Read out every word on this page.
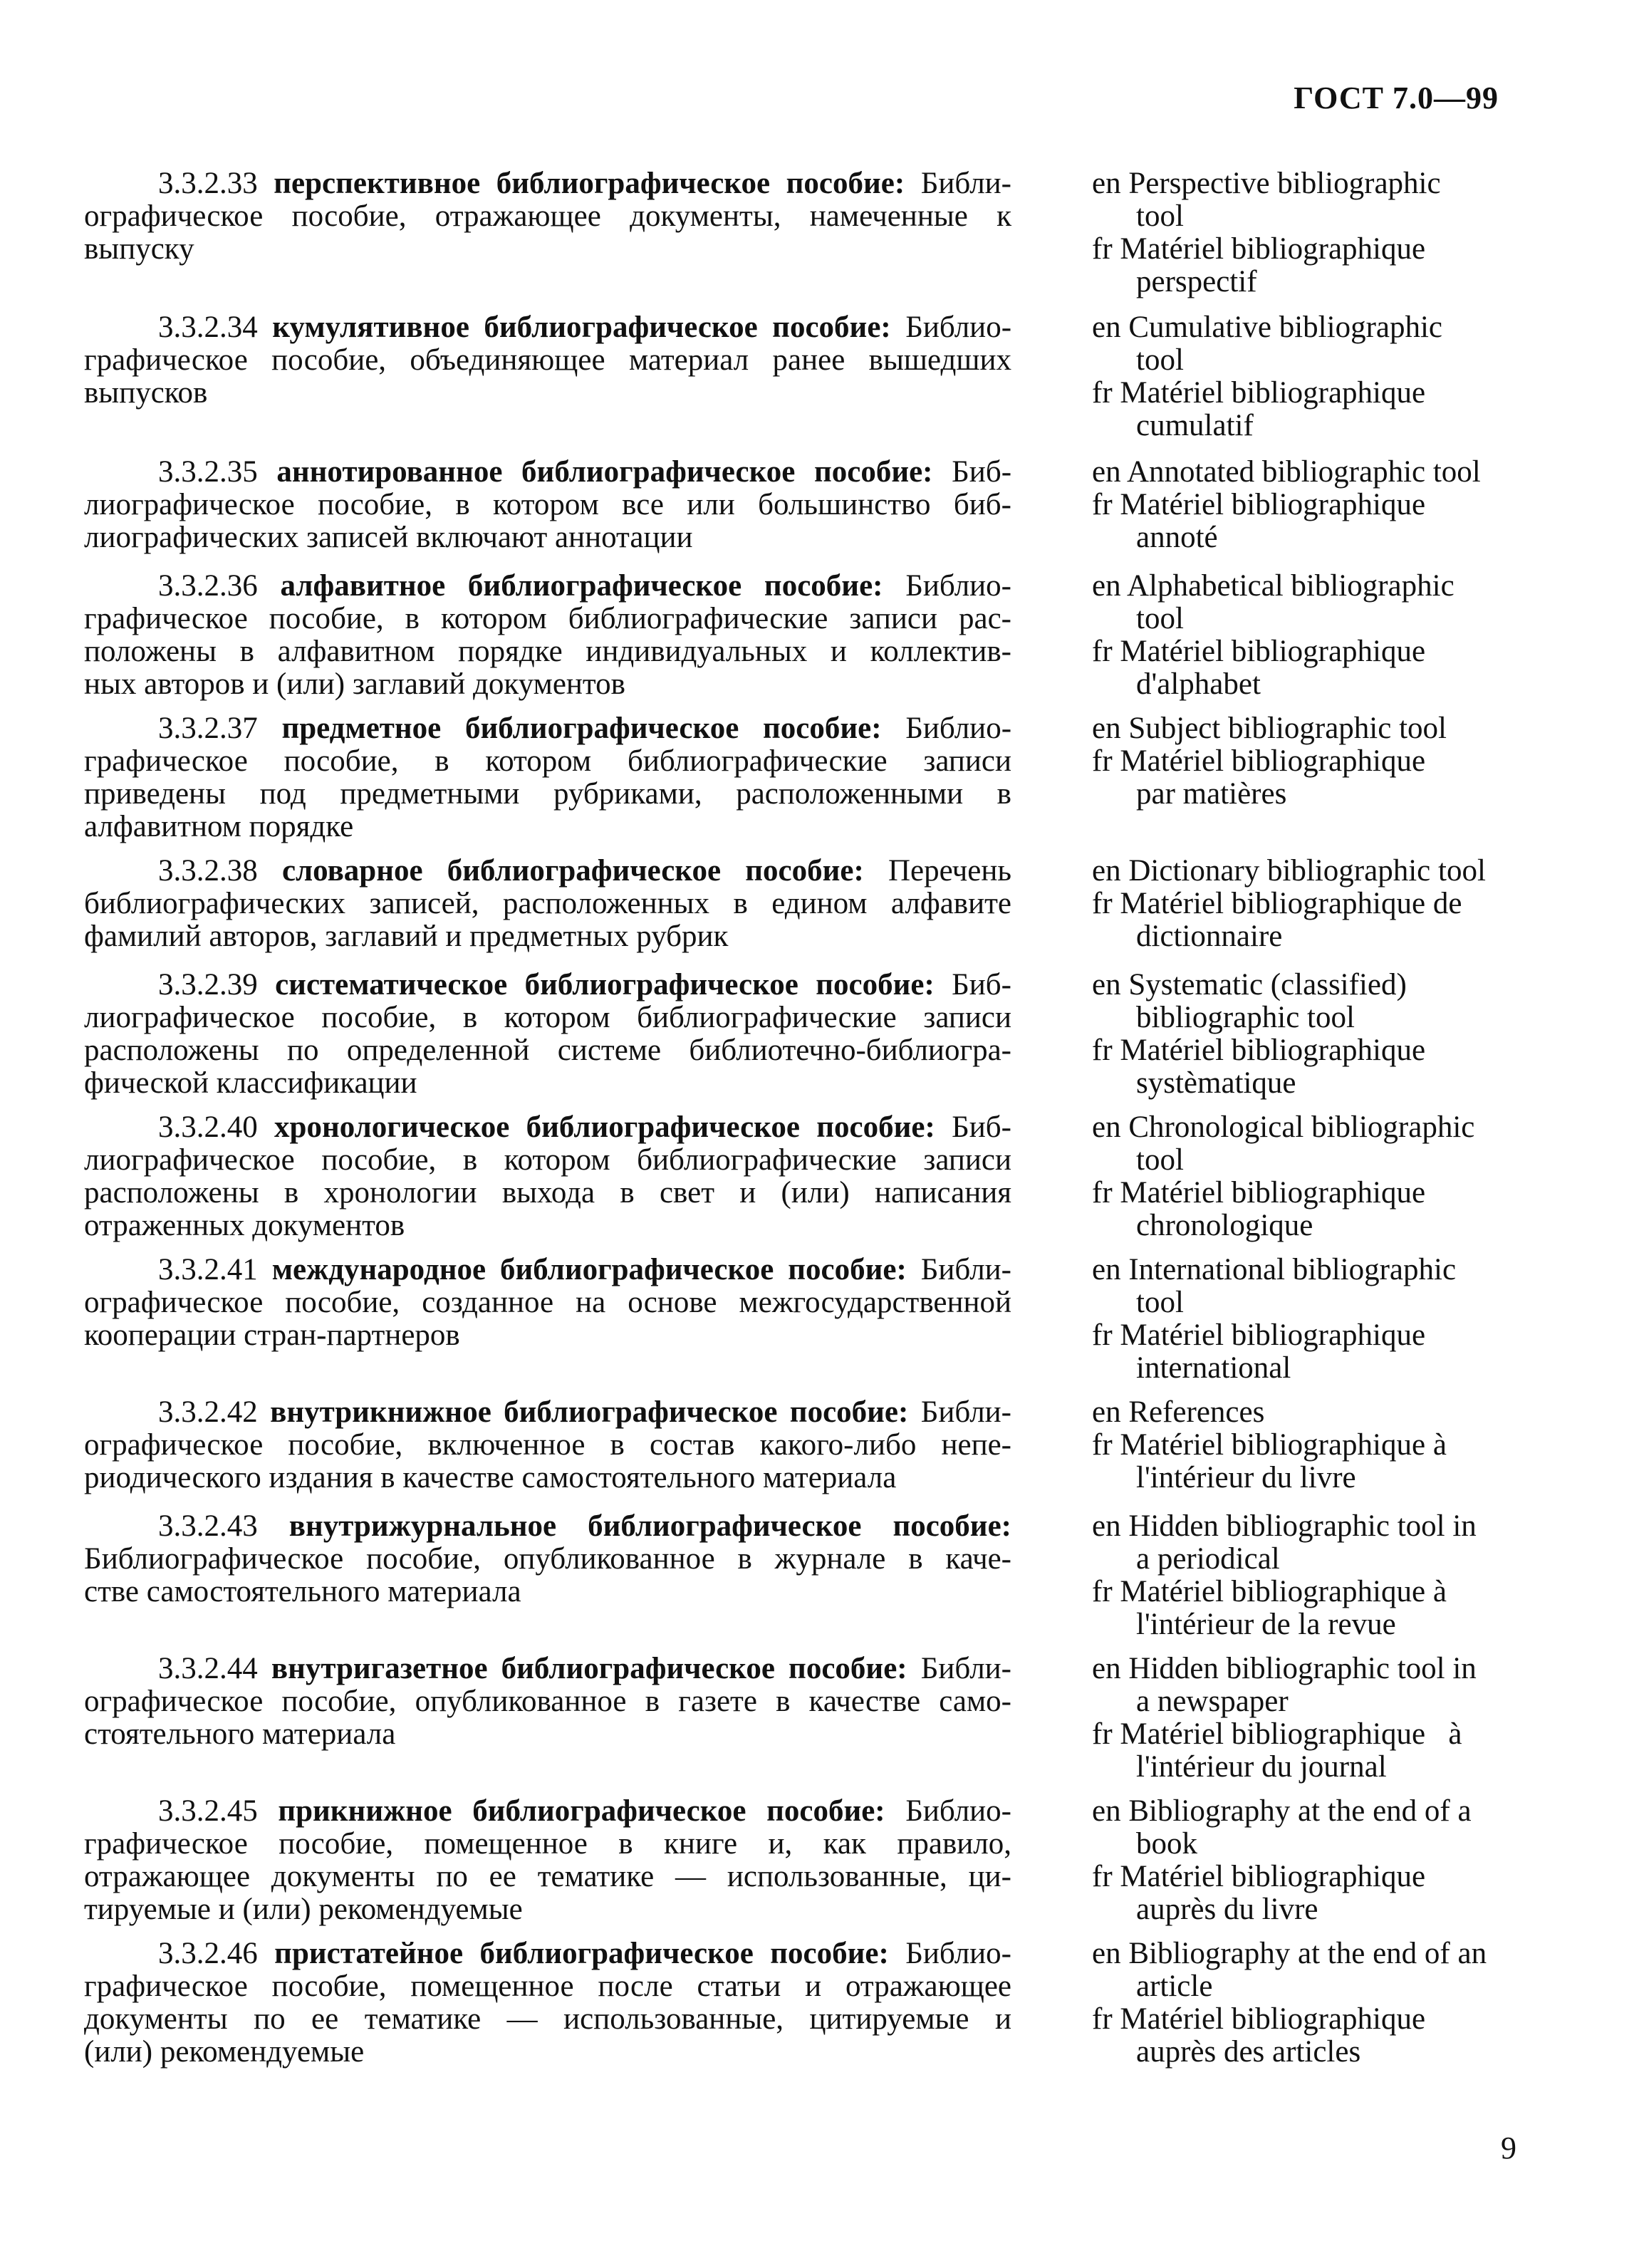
ГОСТ 7.0—99
3.3.2.33 перспективное библиографическое пособие: Библи-
ографическое пособие, отражающее документы, намеченные к
выпуску
en Perspective bibliographic
tool
fr Matériel bibliographique
perspectif
3.3.2.34 кумулятивное библиографическое пособие: Библио-
графическое пособие, объединяющее материал ранее вышедших
выпусков
en Cumulative bibliographic
tool
fr Matériel bibliographique
cumulatif
3.3.2.35 аннотированное библиографическое пособие: Биб-
лиографическое пособие, в котором все или большинство биб-
лиографических записей включают аннотации
en Annotated bibliographic tool
fr Matériel bibliographique
annoté
3.3.2.36 алфавитное библиографическое пособие: Библио-
графическое пособие, в котором библиографические записи рас-
положены в алфавитном порядке индивидуальных и коллектив-
ных авторов и (или) заглавий документов
en Alphabetical bibliographic
tool
fr Matériel bibliographique
d'alphabet
3.3.2.37 предметное библиографическое пособие: Библио-
графическое пособие, в котором библиографические записи
приведены под предметными рубриками, расположенными в
алфавитном порядке
en Subject bibliographic tool
fr Matériel bibliographique
par matières
3.3.2.38 словарное библиографическое пособие: Перечень
библиографических записей, расположенных в едином алфавите
фамилий авторов, заглавий и предметных рубрик
en Dictionary bibliographic tool
fr Matériel bibliographique de
dictionnaire
3.3.2.39 систематическое библиографическое пособие: Биб-
лиографическое пособие, в котором библиографические записи
расположены по определенной системе библиотечно-библиогра-
фической классификации
en Systematic (classified)
bibliographic tool
fr Matériel bibliographique
systèmatique
3.3.2.40 хронологическое библиографическое пособие: Биб-
лиографическое пособие, в котором библиографические записи
расположены в хронологии выхода в свет и (или) написания
отраженных документов
en Chronological bibliographic
tool
fr Matériel bibliographique
chronologique
3.3.2.41 международное библиографическое пособие: Библи-
ографическое пособие, созданное на основе межгосударственной
кооперации стран-партнеров
en International bibliographic
tool
fr Matériel bibliographique
international
3.3.2.42 внутрикнижное библиографическое пособие: Библи-
ографическое пособие, включенное в состав какого-либо непе-
риодического издания в качестве самостоятельного материала
en References
fr Matériel bibliographique à
l'intérieur du livre
3.3.2.43 внутрижурнальное библиографическое пособие:
Библиографическое пособие, опубликованное в журнале в каче-
стве самостоятельного материала
en Hidden bibliographic tool in
a periodical
fr Matériel bibliographique à
l'intérieur de la revue
3.3.2.44 внутригазетное библиографическое пособие: Библи-
ографическое пособие, опубликованное в газете в качестве само-
стоятельного материала
en Hidden bibliographic tool in
a newspaper
fr Matériel bibliographique   à
l'intérieur du journal
3.3.2.45 прикнижное библиографическое пособие: Библио-
графическое пособие, помещенное в книге и, как правило,
отражающее документы по ее тематике — использованные, ци-
тируемые и (или) рекомендуемые
en Bibliography at the end of a
book
fr Matériel bibliographique
auprès du livre
3.3.2.46 пристатейное библиографическое пособие: Библио-
графическое пособие, помещенное после статьи и отражающее
документы по ее тематике — использованные, цитируемые и
(или) рекомендуемые
en Bibliography at the end of an
article
fr Matériel bibliographique
auprès des articles
9
